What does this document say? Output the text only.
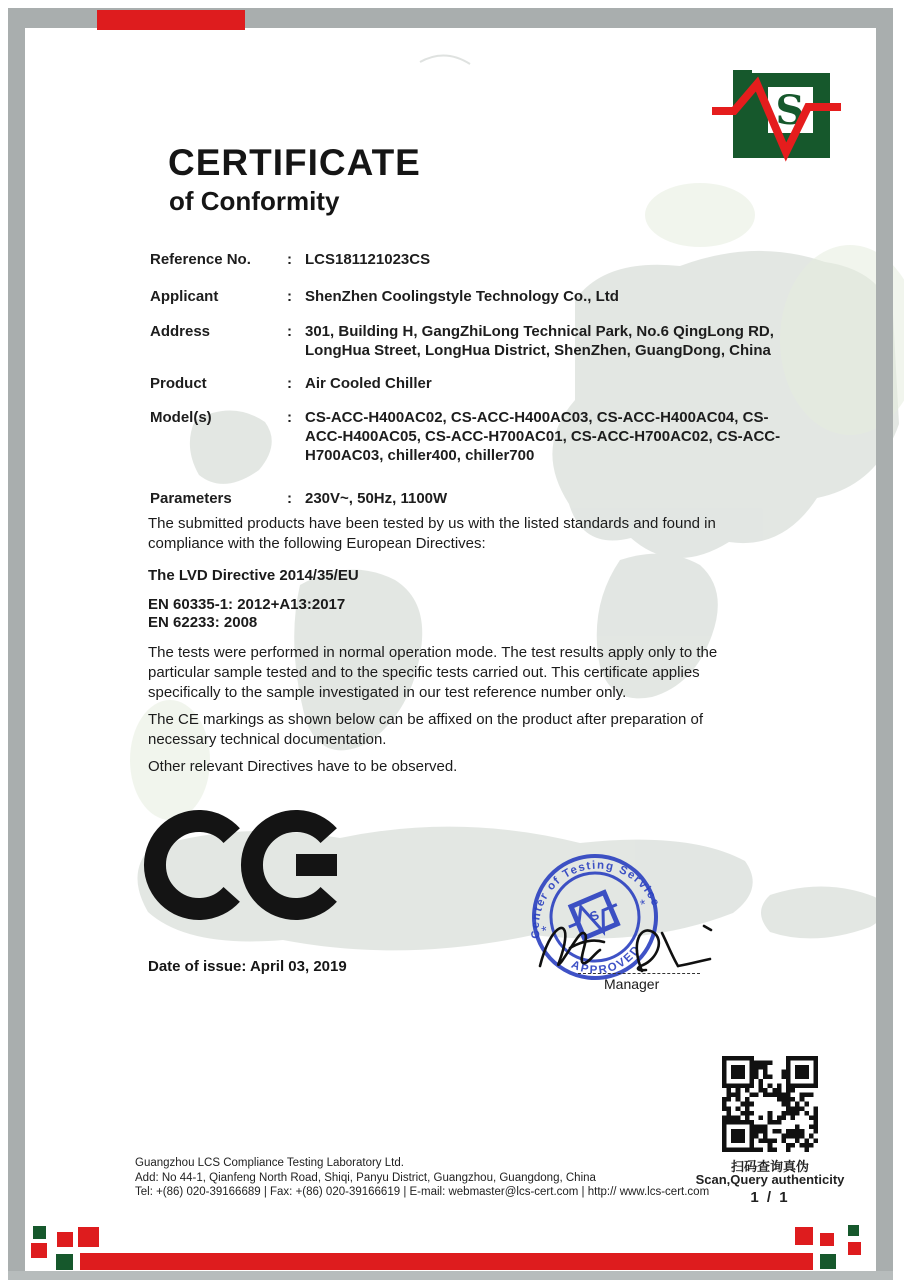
S
CERTIFICATE
of Conformity
Reference No.	: LCS181121023CS
Applicant	: ShenZhen Coolingstyle Technology Co., Ltd
Address	: 301, Building H, GangZhiLong Technical Park, No.6 QingLong RD, LongHua Street, LongHua District, ShenZhen, GuangDong, China
Product	: Air Cooled Chiller
Model(s)	: CS-ACC-H400AC02, CS-ACC-H400AC03, CS-ACC-H400AC04, CS-ACC-H400AC05, CS-ACC-H700AC01, CS-ACC-H700AC02, CS-ACC-H700AC03, chiller400, chiller700
Parameters	: 230V~, 50Hz, 1100W
The submitted products have been tested by us with the listed standards and found in compliance with the following European Directives:
The LVD Directive 2014/35/EU
EN 60335-1: 2012+A13:2017
EN 62233: 2008
The tests were performed in normal operation mode. The test results apply only to the particular sample tested and to the specific tests carried out. This certificate applies specifically to the sample investigated in our test reference number only.
The CE markings as shown below can be affixed on the product after preparation of necessary technical documentation.
Other relevant Directives have to be observed.
Date of issue: April 03, 2019
Center of Testing Service
APPROVED
*
*
S
Manager
扫码查询真伪
Scan,Query authenticity
1 / 1
Guangzhou LCS Compliance Testing Laboratory Ltd.
Add: No 44-1, Qianfeng North Road, Shiqi, Panyu District, Guangzhou, Guangdong, China
Tel: +(86) 020-39166689 | Fax: +(86) 020-39166619 | E-mail: webmaster@lcs-cert.com | http:// www.lcs-cert.com
